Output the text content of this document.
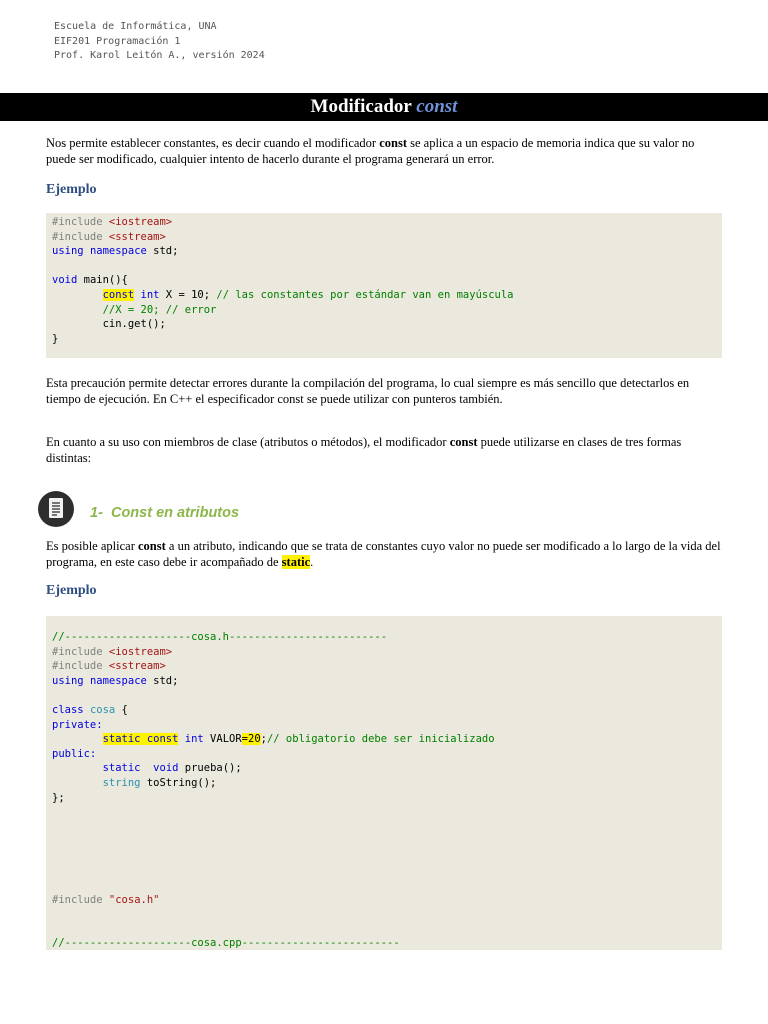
Escuela de Informática, UNA
EIF201 Programación 1
Prof. Karol Leitón A., versión 2024
Modificador const
Nos permite establecer constantes, es decir cuando el modificador const se aplica a un espacio de memoria indica que su valor no puede ser modificado, cualquier intento de hacerlo durante el programa generará un error.
Ejemplo
#include <iostream>
#include <sstream>
using namespace std;

void main(){
const int X = 10; // las constantes por estándar van en mayúscula
//X = 20; // error
cin.get();
}
Esta precaución permite detectar errores durante la compilación del programa, lo cual siempre es más sencillo que detectarlos en tiempo de ejecución. En C++ el especificador const se puede utilizar con punteros también.
En cuanto a su uso con miembros de clase (atributos o métodos), el modificador const puede utilizarse en clases de tres formas distintas:
1- Const en atributos
Es posible aplicar const a un atributo, indicando que se trata de constantes cuyo valor no puede ser modificado a lo largo de la vida del programa, en este caso debe ir acompañado de static.
Ejemplo
//--------------------cosa.h-------------------------
#include <iostream>
#include <sstream>
using namespace std;

class cosa {
private:
static const int VALOR=20;// obligatorio debe ser inicializado
public:
static void prueba();
string toString();
};

#include "cosa.h"

//--------------------cosa.cpp-------------------------
